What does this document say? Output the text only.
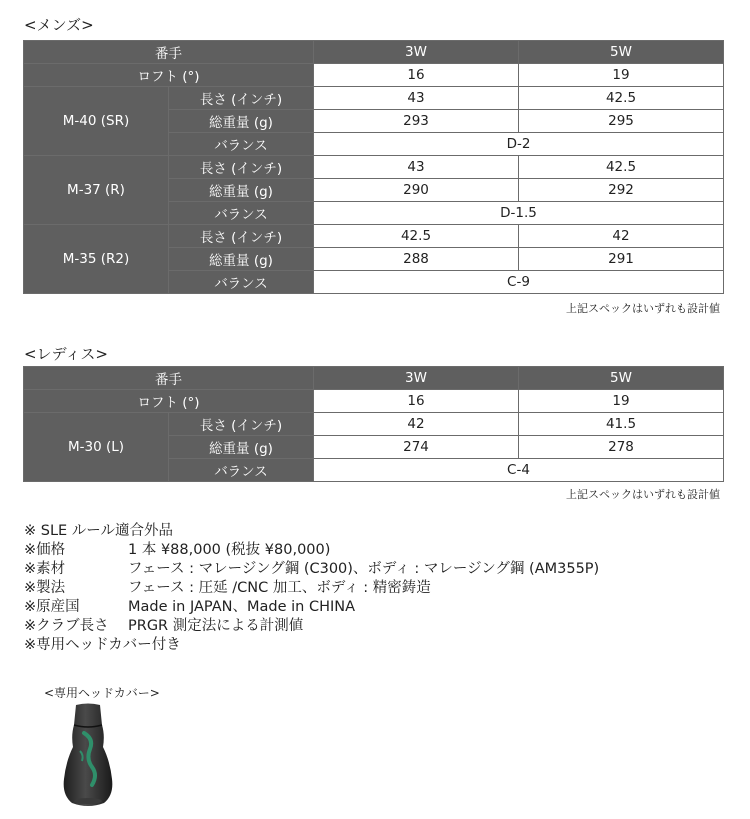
<メンズ>
番手		3W	5W
ロフト (°)		16	19
M-40 (SR)	長さ (インチ)	43	42.5
	総重量 (g)	293	295
	バランス	D-2	
M-37 (R)	長さ (インチ)	43	42.5
	総重量 (g)	290	292
	バランス	D-1.5	
M-35 (R2)	長さ (インチ)	42.5	42
	総重量 (g)	288	291
	バランス	C-9	
上記スペックはいずれも設計値
<レディス>
番手		3W	5W
ロフト (°)		16	19
M-30 (L)	長さ (インチ)	42	41.5
	総重量 (g)	274	278
	バランス	C-4	
上記スペックはいずれも設計値
※ SLE ルール適合外品
※価格	1 本 ¥88,000 (税抜 ¥80,000)
※素材	フェース : マレージング鋼 (C300)、ボディ : マレージング鋼 (AM355P)
※製法	フェース : 圧延 /CNC 加工、ボディ : 精密鋳造
※原産国	Made in JAPAN、Made in CHINA
※クラブ長さ PRGR 測定法による計測値
※専用ヘッドカバー付き
<専用ヘッドカバー>
